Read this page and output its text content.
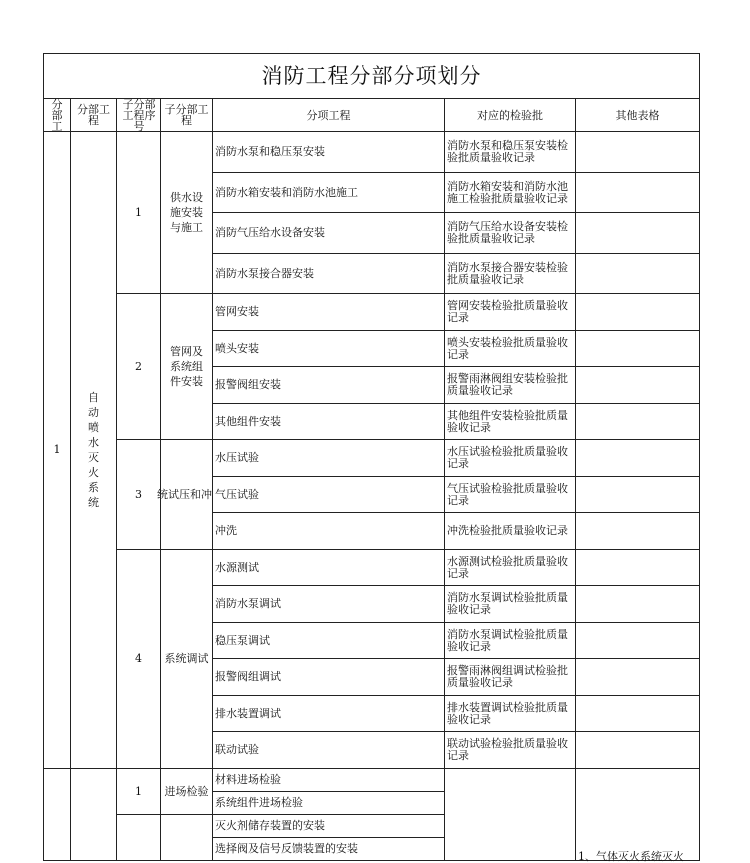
消防工程分部分项划分						

分部工	分部工程	子分部工程序号	子分部工程	分项工程	对应的检验批	其他表格
1	自动喷水灭火系统	1	供水设施安装与施工	消防水泵和稳压泵安装	消防水泵和稳压泵安装检验批质量验收记录	

				消防水箱安装和消防水池施工	消防水箱安装和消防水池施工检验批质量验收记录	

				消防气压给水设备安装	消防气压给水设备安装检验批质量验收记录	

				消防水泵接合器安装	消防水泵接合器安装检验批质量验收记录	

		2	管网及系统组件安装	管网安装	管网安装检验批质量验收记录	

				喷头安装	喷头安装检验批质量验收记录	

				报警阀组安装	报警雨淋阀组安装检验批质量验收记录	

				其他组件安装	其他组件安装检验批质量验收记录	

		3	统试压和冲	水压试验	水压试验检验批质量验收记录	

				气压试验	气压试验检验批质量验收记录	

				冲洗	冲洗检验批质量验收记录	

		4	系统调试	水源测试	水源测试检验批质量验收记录	

				消防水泵调试	消防水泵调试检验批质量验收记录	

				稳压泵调试	消防水泵调试检验批质量验收记录	

				报警阀组调试	报警雨淋阀组调试检验批质量验收记录	

				排水装置调试	排水装置调试检验批质量验收记录	

				联动试验	联动试验检验批质量验收记录	

		1	进场检验	材料进场检验		1、气体灭火系统灭火

				系统组件进场检验		
				灭火剂储存装置的安装		
				选择阀及信号反馈装置的安装		
